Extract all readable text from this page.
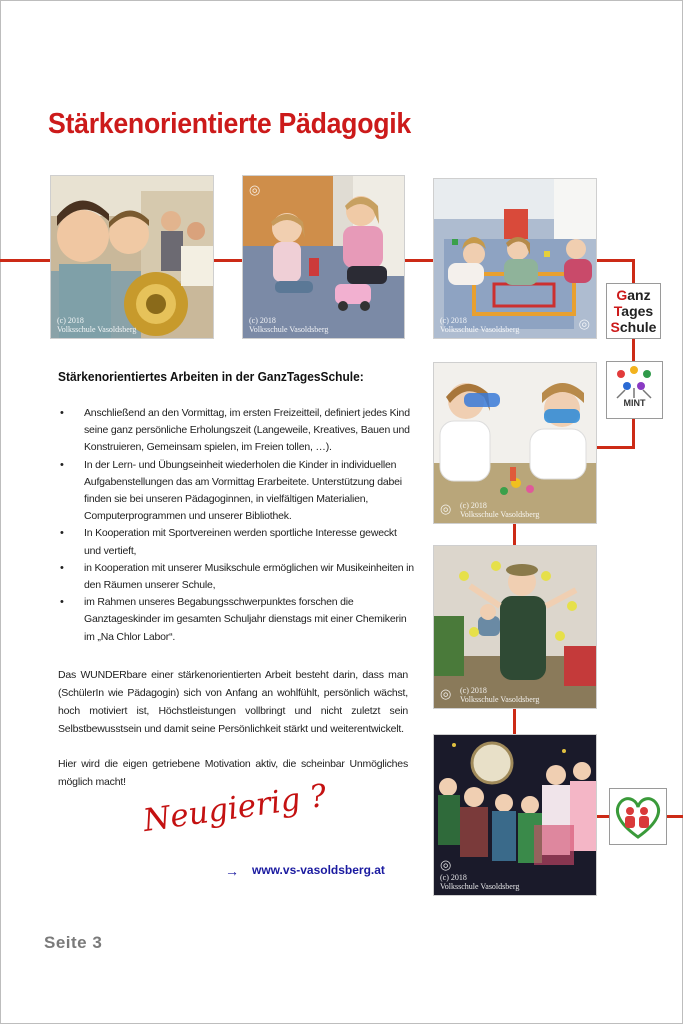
Stärkenorientierte Pädagogik
(c) 2018
Volksschule Vasoldsberg
◎
(c) 2018
Volksschule Vasoldsberg
(c) 2018
Volksschule Vasoldsberg	◎
Ganz
Tages
Schule
MINT
(c) 2018
Volksschule Vasoldsberg
◎
(c) 2018
Volksschule Vasoldsberg
◎
(c) 2018
Volksschule Vasoldsberg
◎
Stärkenorientiertes Arbeiten in der GanzTagesSchule:
• Anschließend an den Vormittag, im ersten Freizeitteil, definiert jedes Kind seine ganz persönliche Erholungszeit (Langeweile, Kreatives, Bauen und Konstruieren, Gemeinsam spielen, im Freien tollen, …).
• In der Lern- und Übungseinheit wiederholen die Kinder in individuellen Aufgabenstellungen das am Vormittag Erarbeitete. Unterstützung dabei finden sie bei unseren Pädagoginnen, in vielfältigen Materialien, Computerprogrammen und unserer Bibliothek.
• In Kooperation mit Sportvereinen werden sportliche Interesse geweckt und vertieft,
• in Kooperation mit unserer Musikschule ermöglichen wir Musikeinheiten in den Räumen unserer Schule,
• im Rahmen unseres Begabungsschwerpunktes forschen die Ganztageskinder im gesamten Schuljahr dienstags mit einer Chemikerin im „Na Chlor Labor“.

Das WUNDERbare einer stärkenorientierten Arbeit besteht darin, dass man (SchülerIn wie Pädagogin) sich von Anfang an wohlfühlt, persönlich wächst, hoch motiviert ist, Höchstleistungen vollbringt und nicht zuletzt sein Selbstbewusstsein und damit seine Persönlichkeit stärkt und weiterentwickelt.

Hier wird die eigen getriebene Motivation aktiv, die scheinbar Unmögliches möglich macht! Neugierig ?
→ www.vs-vasoldsberg.at
Seite 3
